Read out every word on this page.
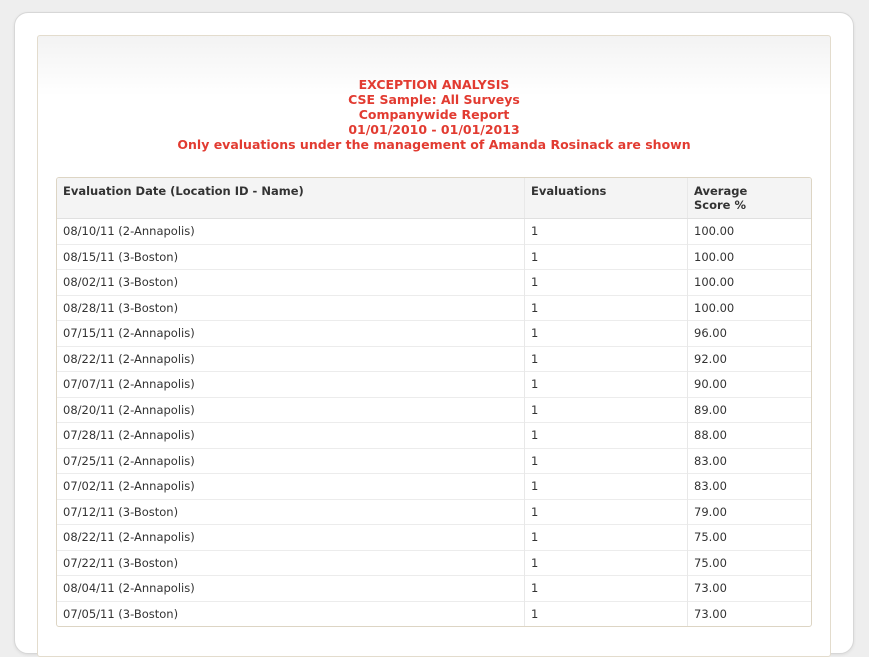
EXCEPTION ANALYSIS
CSE Sample: All Surveys
Companywide Report
01/01/2010 - 01/01/2013
Only evaluations under the management of Amanda Rosinack are shown
Evaluation Date (Location ID - Name)	Evaluations	Average
Score %
08/10/11 (2-Annapolis)	1	100.00
08/15/11 (3-Boston)	1	100.00
08/02/11 (3-Boston)	1	100.00
08/28/11 (3-Boston)	1	100.00
07/15/11 (2-Annapolis)	1	96.00
08/22/11 (2-Annapolis)	1	92.00
07/07/11 (2-Annapolis)	1	90.00
08/20/11 (2-Annapolis)	1	89.00
07/28/11 (2-Annapolis)	1	88.00
07/25/11 (2-Annapolis)	1	83.00
07/02/11 (2-Annapolis)	1	83.00
07/12/11 (3-Boston)	1	79.00
08/22/11 (2-Annapolis)	1	75.00
07/22/11 (3-Boston)	1	75.00
08/04/11 (2-Annapolis)	1	73.00
07/05/11 (3-Boston)	1	73.00
